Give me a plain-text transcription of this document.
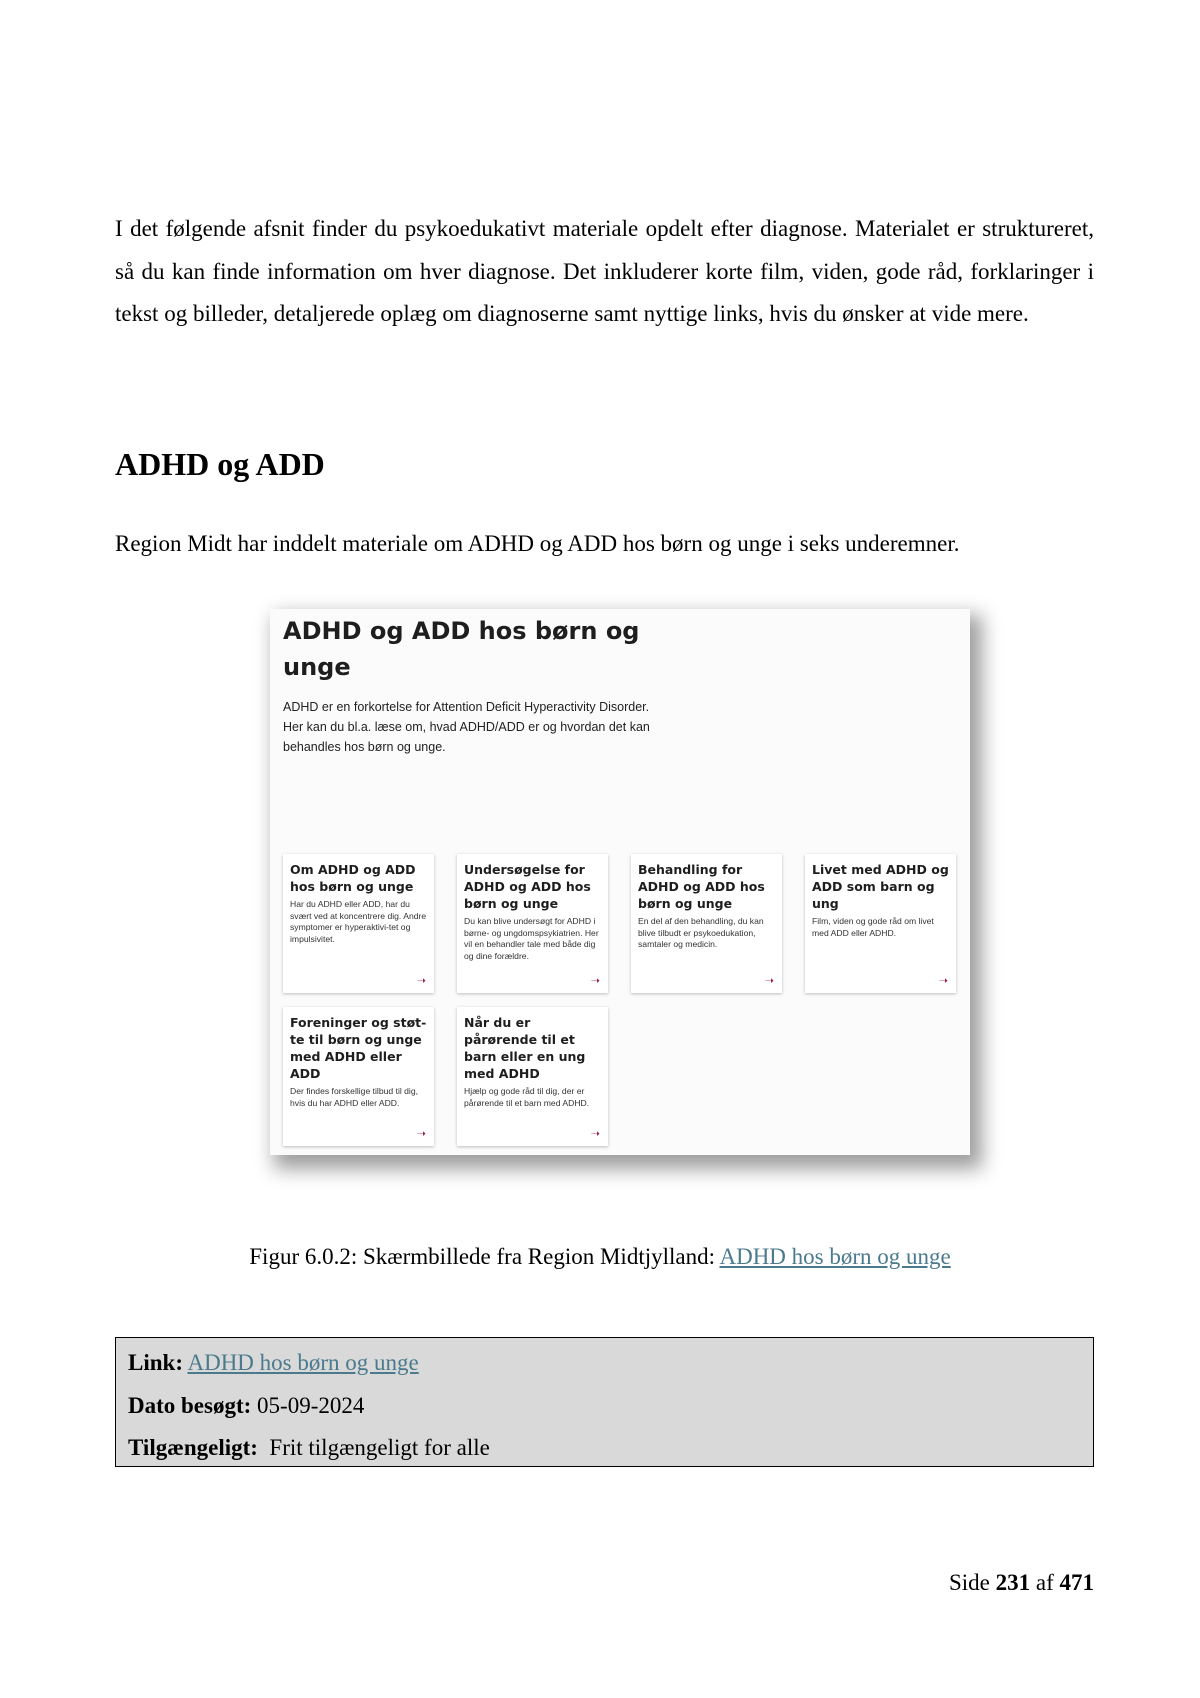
I det følgende afsnit finder du psykoedukativt materiale opdelt efter diagnose. Materialet er struktureret, så du kan finde information om hver diagnose. Det inkluderer korte film, viden, gode råd, forklaringer i tekst og billeder, detaljerede oplæg om diagnoserne samt nyttige links, hvis du ønsker at vide mere.

ADHD og ADD

Region Midt har inddelt materiale om ADHD og ADD hos børn og unge i seks underemner.

ADHD og ADD hos børn og unge

ADHD er en forkortelse for Attention Deficit Hyperactivity Disorder. Her kan du bl.a. læse om, hvad ADHD/ADD er og hvordan det kan behandles hos børn og unge.

Om ADHD og ADD hos børn og unge

Har du ADHD eller ADD, har du svært ved at koncentrere dig. Andre symptomer er hyperaktivi-tet og impulsivitet.

➝

Undersøgelse for ADHD og ADD hos børn og unge

Du kan blive undersøgt for ADHD i børne- og ungdomspsykiatrien. Her vil en behandler tale med både dig og dine forældre.

➝

Behandling for ADHD og ADD hos børn og unge

En del af den behandling, du kan blive tilbudt er psykoedukation, samtaler og medicin.

➝

Livet med ADHD og ADD som barn og ung

Film, viden og gode råd om livet med ADD eller ADHD.

➝

Foreninger og støt-te til børn og unge med ADHD eller ADD

Der findes forskellige tilbud til dig, hvis du har ADHD eller ADD.

➝

Når du er pårørende til et barn eller en ung med ADHD

Hjælp og gode råd til dig, der er pårørende til et barn med ADHD.

➝

Figur 6.0.2: Skærmbillede fra Region Midtjylland: ADHD hos børn og unge

Link: ADHD hos børn og unge

Dato besøgt: 05-09-2024

Tilgængeligt: Frit tilgængeligt for alle

Side 231 af 471
